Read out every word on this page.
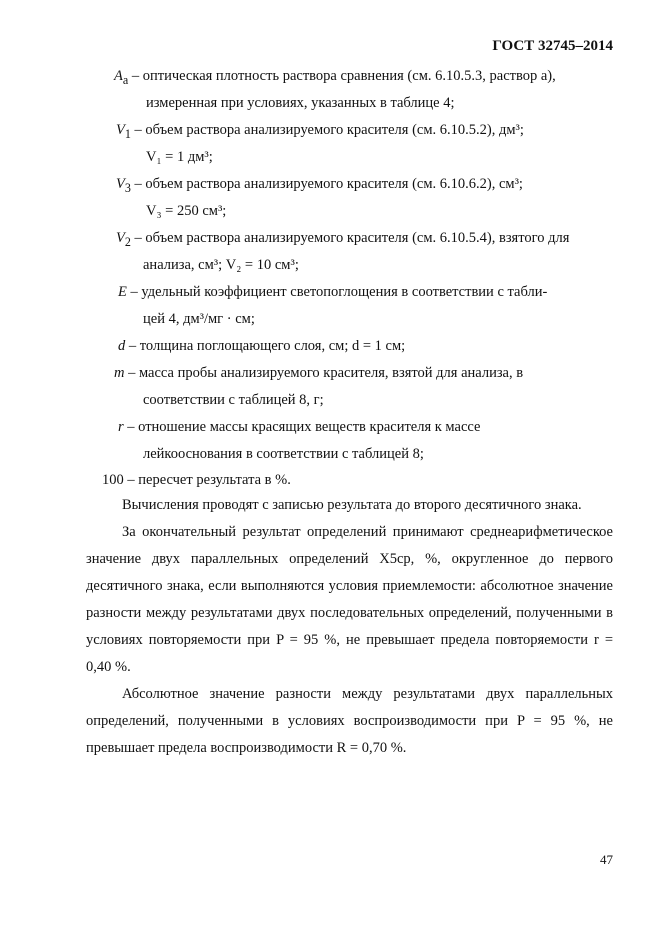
ГОСТ 32745–2014
$A_a$ – оптическая плотность раствора сравнения (см. 6.10.5.3, раствор а),
измеренная при условиях, указанных в таблице 4;
$V_1$ – объем раствора анализируемого красителя (см. 6.10.5.2), дм³;
V₁ = 1 дм³;
$V_3$ – объем раствора анализируемого красителя (см. 6.10.6.2), см³;
V₃ = 250 см³;
$V_2$ – объем раствора анализируемого красителя (см. 6.10.5.4), взятого для
анализа, см³; V₂ = 10 см³;
E – удельный коэффициент светопоглощения в соответствии с табли-
цей 4, дм³/мг · см;
d – толщина поглощающего слоя, см; d = 1 см;
m – масса пробы анализируемого красителя, взятой для анализа, в
соответствии с таблицей 8, г;
r – отношение массы красящих веществ красителя к массе
лейкооснования в соответствии с таблицей 8;
100 – пересчет результата в %.

Вычисления проводят с записью результата до второго десятичного знака.

За окончательный результат определений принимают среднеарифметическое значение двух параллельных определений X5ср, %, округленное до первого десятичного знака, если выполняются условия приемлемости: абсолютное значение разности между результатами двух последовательных определений, полученными в условиях повторяемости при P = 95 %, не превышает предела повторяемости r = 0,40 %.

Абсолютное значение разности между результатами двух параллельных определений, полученными в условиях воспроизводимости при P = 95 %, не превышает предела воспроизводимости R = 0,70 %.

47
